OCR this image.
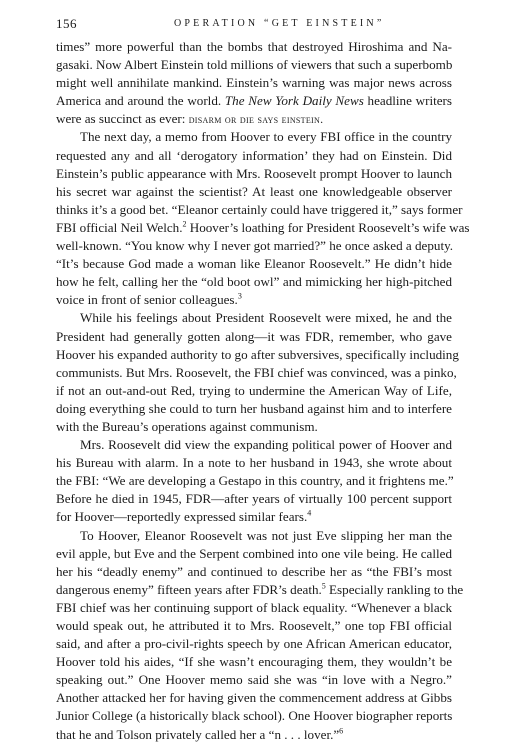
156	OPERATION “GET EINSTEIN”
times” more powerful than the bombs that destroyed Hiroshima and Na-
gasaki. Now Albert Einstein told millions of viewers that such a superbomb
might well annihilate mankind. Einstein’s warning was major news across
America and around the world. The New York Daily News headline writers
were as succinct as ever: disarm or die says einstein.
The next day, a memo from Hoover to every FBI office in the country
requested any and all ‘derogatory information’ they had on Einstein. Did
Einstein’s public appearance with Mrs. Roosevelt prompt Hoover to launch
his secret war against the scientist? At least one knowledgeable observer
thinks it’s a good bet. “Eleanor certainly could have triggered it,” says former
FBI official Neil Welch.$^2$ Hoover’s loathing for President Roosevelt’s wife was
well-known. “You know why I never got married?” he once asked a deputy.
“It’s because God made a woman like Eleanor Roosevelt.” He didn’t hide
how he felt, calling her the “old boot owl” and mimicking her high-pitched
voice in front of senior colleagues.$^3$
While his feelings about President Roosevelt were mixed, he and the
President had generally gotten along—it was FDR, remember, who gave
Hoover his expanded authority to go after subversives, specifically including
communists. But Mrs. Roosevelt, the FBI chief was convinced, was a pinko,
if not an out-and-out Red, trying to undermine the American Way of Life,
doing everything she could to turn her husband against him and to interfere
with the Bureau’s operations against communism.
Mrs. Roosevelt did view the expanding political power of Hoover and
his Bureau with alarm. In a note to her husband in 1943, she wrote about
the FBI: “We are developing a Gestapo in this country, and it frightens me.”
Before he died in 1945, FDR—after years of virtually 100 percent support
for Hoover—reportedly expressed similar fears.$^4$
To Hoover, Eleanor Roosevelt was not just Eve slipping her man the
evil apple, but Eve and the Serpent combined into one vile being. He called
her his “deadly enemy” and continued to describe her as “the FBI’s most
dangerous enemy” fifteen years after FDR’s death.$^5$ Especially rankling to the
FBI chief was her continuing support of black equality. “Whenever a black
would speak out, he attributed it to Mrs. Roosevelt,” one top FBI official
said, and after a pro-civil-rights speech by one African American educator,
Hoover told his aides, “If she wasn’t encouraging them, they wouldn’t be
speaking out.” One Hoover memo said she was “in love with a Negro.”
Another attacked her for having given the commencement address at Gibbs
Junior College (a historically black school). One Hoover biographer reports
that he and Tolson privately called her a “n . . . lover.”$^6$
